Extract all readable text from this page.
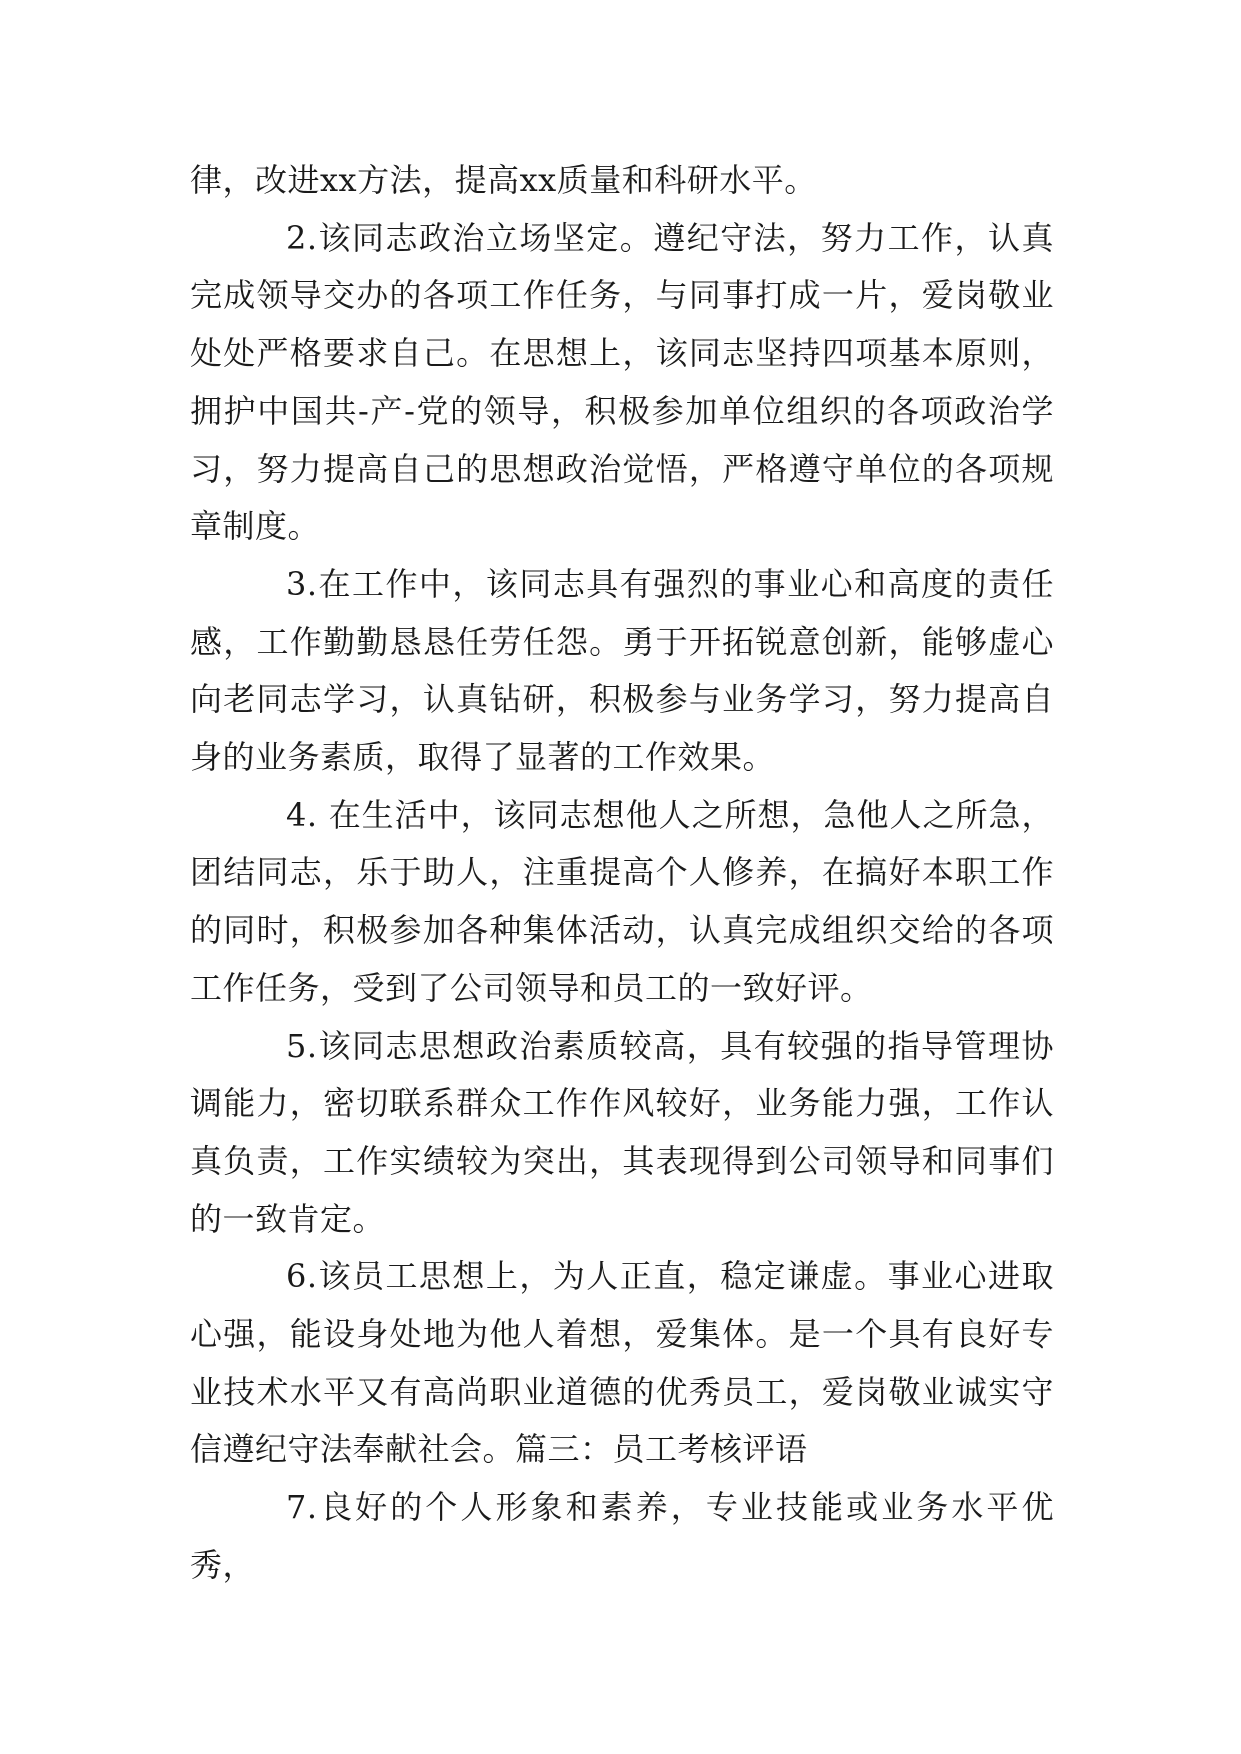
律，改进xx方法，提高xx质量和科研水平。

2.该同志政治立场坚定。遵纪守法，努力工作，认真完成领导交办的各项工作任务，与同事打成一片，爱岗敬业处处严格要求自己。在思想上，该同志坚持四项基本原则，拥护中国共-产-党的领导，积极参加单位组织的各项政治学习，努力提高自己的思想政治觉悟，严格遵守单位的各项规章制度。

3.在工作中，该同志具有强烈的事业心和高度的责任感，工作勤勤恳恳任劳任怨。勇于开拓锐意创新，能够虚心向老同志学习，认真钻研，积极参与业务学习，努力提高自身的业务素质，取得了显著的工作效果。

4. 在生活中，该同志想他人之所想，急他人之所急，团结同志，乐于助人，注重提高个人修养，在搞好本职工作的同时，积极参加各种集体活动，认真完成组织交给的各项工作任务，受到了公司领导和员工的一致好评。

5.该同志思想政治素质较高，具有较强的指导管理协调能力，密切联系群众工作作风较好，业务能力强，工作认真负责，工作实绩较为突出，其表现得到公司领导和同事们的一致肯定。

6.该员工思想上，为人正直，稳定谦虚。事业心进取心强，能设身处地为他人着想，爱集体。是一个具有良好专业技术水平又有高尚职业道德的优秀员工，爱岗敬业诚实守信遵纪守法奉献社会。篇三：员工考核评语

7.良好的个人形象和素养，专业技能或业务水平优秀，
